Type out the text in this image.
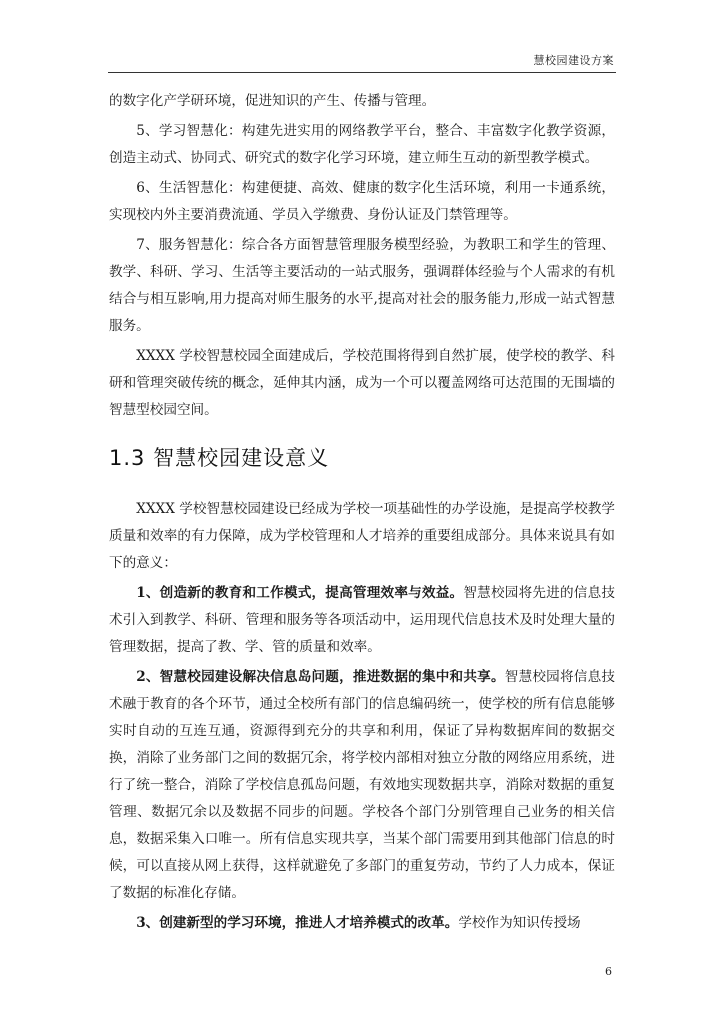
慧校园建设方案

的数字化产学研环境，促进知识的产生、传播与管理。

5、学习智慧化：构建先进实用的网络教学平台，整合、丰富数字化教学资源，创造主动式、协同式、研究式的数字化学习环境，建立师生互动的新型教学模式。

6、生活智慧化：构建便捷、高效、健康的数字化生活环境，利用一卡通系统，实现校内外主要消费流通、学员入学缴费、身份认证及门禁管理等。

7、服务智慧化：综合各方面智慧管理服务模型经验，为教职工和学生的管理、教学、科研、学习、生活等主要活动的一站式服务，强调群体经验与个人需求的有机结合与相互影响,用力提高对师生服务的水平,提高对社会的服务能力,形成一站式智慧服务。

XXXX 学校智慧校园全面建成后，学校范围将得到自然扩展，使学校的教学、科研和管理突破传统的概念，延伸其内涵，成为一个可以覆盖网络可达范围的无围墙的智慧型校园空间。

1.3 智慧校园建设意义

XXXX 学校智慧校园建设已经成为学校一项基础性的办学设施，是提高学校教学质量和效率的有力保障，成为学校管理和人才培养的重要组成部分。具体来说具有如下的意义：

1、创造新的教育和工作模式，提高管理效率与效益。智慧校园将先进的信息技术引入到教学、科研、管理和服务等各项活动中，运用现代信息技术及时处理大量的管理数据，提高了教、学、管的质量和效率。

2、智慧校园建设解决信息岛问题，推进数据的集中和共享。智慧校园将信息技术融于教育的各个环节，通过全校所有部门的信息编码统一，使学校的所有信息能够实时自动的互连互通，资源得到充分的共享和利用，保证了异构数据库间的数据交换，消除了业务部门之间的数据冗余，将学校内部相对独立分散的网络应用系统，进行了统一整合，消除了学校信息孤岛问题，有效地实现数据共享，消除对数据的重复管理、数据冗余以及数据不同步的问题。学校各个部门分别管理自己业务的相关信息，数据采集入口唯一。所有信息实现共享，当某个部门需要用到其他部门信息的时候，可以直接从网上获得，这样就避免了多部门的重复劳动，节约了人力成本，保证了数据的标准化存储。

3、创建新型的学习环境，推进人才培养模式的改革。学校作为知识传授场

6
